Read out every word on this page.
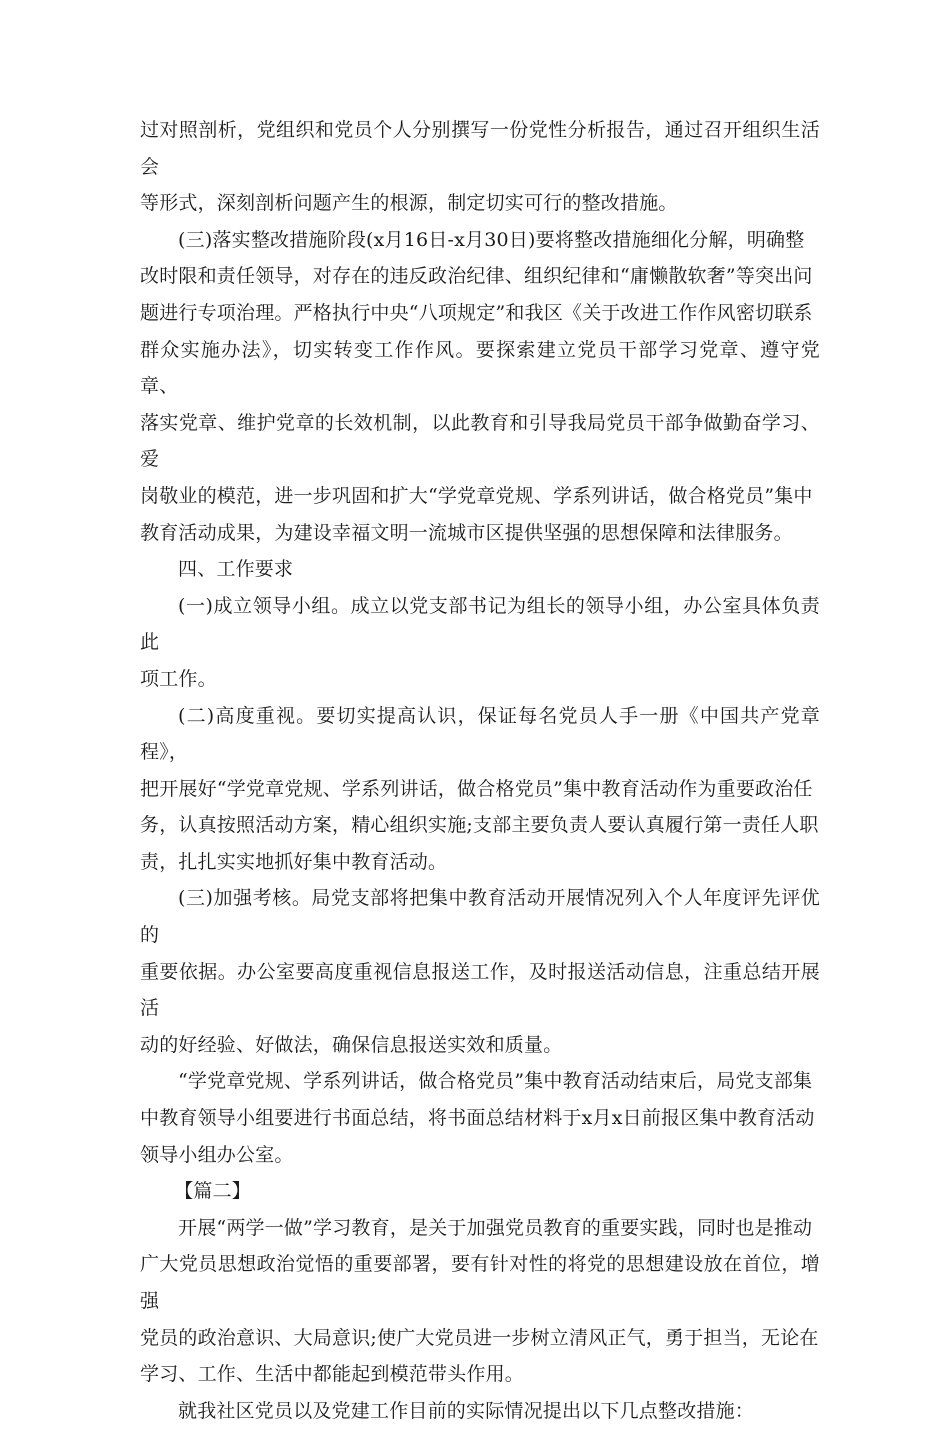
过对照剖析，党组织和党员个人分别撰写一份党性分析报告，通过召开组织生活会
等形式，深刻剖析问题产生的根源，制定切实可行的整改措施。

(三)落实整改措施阶段(x月16日-x月30日)要将整改措施细化分解，明确整
改时限和责任领导，对存在的违反政治纪律、组织纪律和“庸懒散软奢”等突出问
题进行专项治理。严格执行中央“八项规定”和我区《关于改进工作作风密切联系
群众实施办法》，切实转变工作作风。要探索建立党员干部学习党章、遵守党章、
落实党章、维护党章的长效机制，以此教育和引导我局党员干部争做勤奋学习、爱
岗敬业的模范，进一步巩固和扩大“学党章党规、学系列讲话，做合格党员”集中
教育活动成果，为建设幸福文明一流城市区提供坚强的思想保障和法律服务。

四、工作要求

(一)成立领导小组。成立以党支部书记为组长的领导小组，办公室具体负责此
项工作。

(二)高度重视。要切实提高认识，保证每名党员人手一册《中国共产党章程》，
把开展好“学党章党规、学系列讲话，做合格党员”集中教育活动作为重要政治任
务，认真按照活动方案，精心组织实施;支部主要负责人要认真履行第一责任人职
责，扎扎实实地抓好集中教育活动。

(三)加强考核。局党支部将把集中教育活动开展情况列入个人年度评先评优的
重要依据。办公室要高度重视信息报送工作，及时报送活动信息，注重总结开展活
动的好经验、好做法，确保信息报送实效和质量。

“学党章党规、学系列讲话，做合格党员”集中教育活动结束后，局党支部集
中教育领导小组要进行书面总结，将书面总结材料于x月x日前报区集中教育活动
领导小组办公室。

【篇二】

开展“两学一做”学习教育，是关于加强党员教育的重要实践，同时也是推动
广大党员思想政治觉悟的重要部署，要有针对性的将党的思想建设放在首位，增强
党员的政治意识、大局意识;使广大党员进一步树立清风正气，勇于担当，无论在
学习、工作、生活中都能起到模范带头作用。

就我社区党员以及党建工作目前的实际情况提出以下几点整改措施：
